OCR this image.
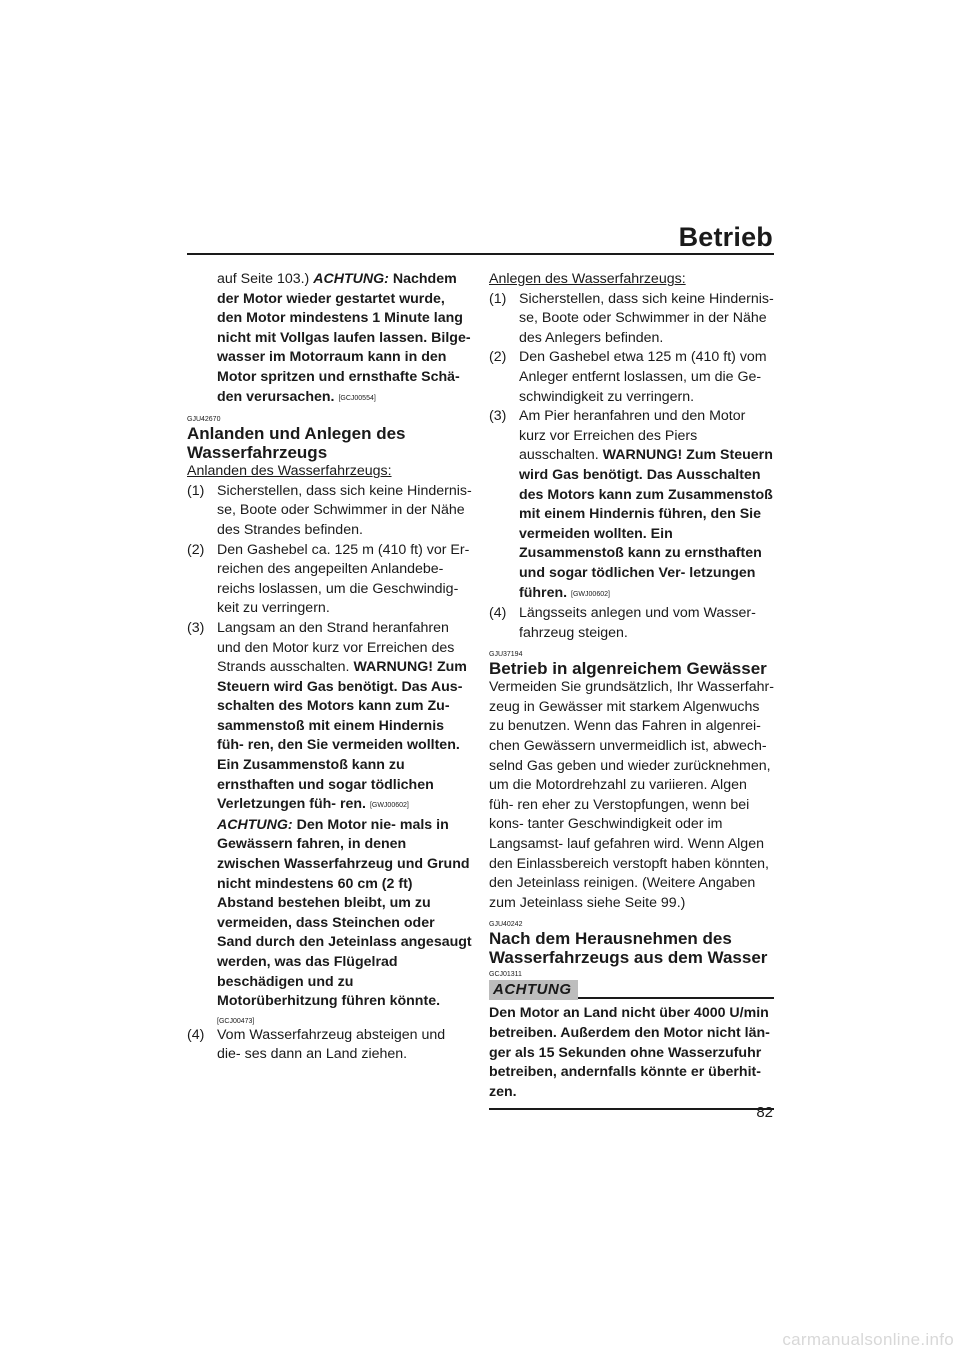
Betrieb

auf Seite 103.) ACHTUNG: Nachdem der Motor wieder gestartet wurde, den Motor mindestens 1 Minute lang nicht mit Vollgas laufen lassen. Bilge- wasser im Motorraum kann in den Motor spritzen und ernsthafte Schä- den verursachen. [GCJ00554]

GJU42670
Anlanden und Anlegen des Wasserfahrzeugs

Anlanden des Wasserfahrzeugs:

(1) Sicherstellen, dass sich keine Hindernis- se, Boote oder Schwimmer in der Nähe des Strandes befinden.
(2) Den Gashebel ca. 125 m (410 ft) vor Er- reichen des angepeilten Anlandebe- reichs loslassen, um die Geschwindig- keit zu verringern.
(3) Langsam an den Strand heranfahren und den Motor kurz vor Erreichen des Strands ausschalten. WARNUNG! Zum Steuern wird Gas benötigt. Das Aus- schalten des Motors kann zum Zu- sammenstoß mit einem Hindernis füh- ren, den Sie vermeiden wollten. Ein Zusammenstoß kann zu ernsthaften und sogar tödlichen Verletzungen füh- ren. [GWJ00602] ACHTUNG: Den Motor nie- mals in Gewässern fahren, in denen zwischen Wasserfahrzeug und Grund nicht mindestens 60 cm (2 ft) Abstand bestehen bleibt, um zu vermeiden, dass Steinchen oder Sand durch den Jeteinlass angesaugt werden, was das Flügelrad beschädigen und zu Motorüberhitzung führen könnte.
[GCJ00473]
(4) Vom Wasserfahrzeug absteigen und die- ses dann an Land ziehen.

Anlegen des Wasserfahrzeugs:

(1) Sicherstellen, dass sich keine Hindernis- se, Boote oder Schwimmer in der Nähe des Anlegers befinden.
(2) Den Gashebel etwa 125 m (410 ft) vom Anleger entfernt loslassen, um die Ge- schwindigkeit zu verringern.
(3) Am Pier heranfahren und den Motor kurz vor Erreichen des Piers ausschalten. WARNUNG! Zum Steuern wird Gas benötigt. Das Ausschalten des Motors kann zum Zusammenstoß mit einem Hindernis führen, den Sie vermeiden wollten. Ein Zusammenstoß kann zu ernsthaften und sogar tödlichen Ver- letzungen führen. [GWJ00602]
(4) Längsseits anlegen und vom Wasser- fahrzeug steigen.
GJU37194
Betrieb in algenreichem Gewässer

Vermeiden Sie grundsätzlich, Ihr Wasserfahr- zeug in Gewässer mit starkem Algenwuchs zu benutzen. Wenn das Fahren in algenrei- chen Gewässern unvermeidlich ist, abwech- selnd Gas geben und wieder zurücknehmen, um die Motordrehzahl zu variieren. Algen füh- ren eher zu Verstopfungen, wenn bei kons- tanter Geschwindigkeit oder im Langsamst- lauf gefahren wird. Wenn Algen den Einlassbereich verstopft haben könnten, den Jeteinlass reinigen. (Weitere Angaben zum Jeteinlass siehe Seite 99.)

GJU40242
Nach dem Herausnehmen des Wasserfahrzeugs aus dem Wasser
GCJ01311
ACHTUNG

Den Motor an Land nicht über 4000 U/min betreiben. Außerdem den Motor nicht län- ger als 15 Sekunden ohne Wasserzufuhr betreiben, andernfalls könnte er überhit- zen.

82
carmanualsonline.info
